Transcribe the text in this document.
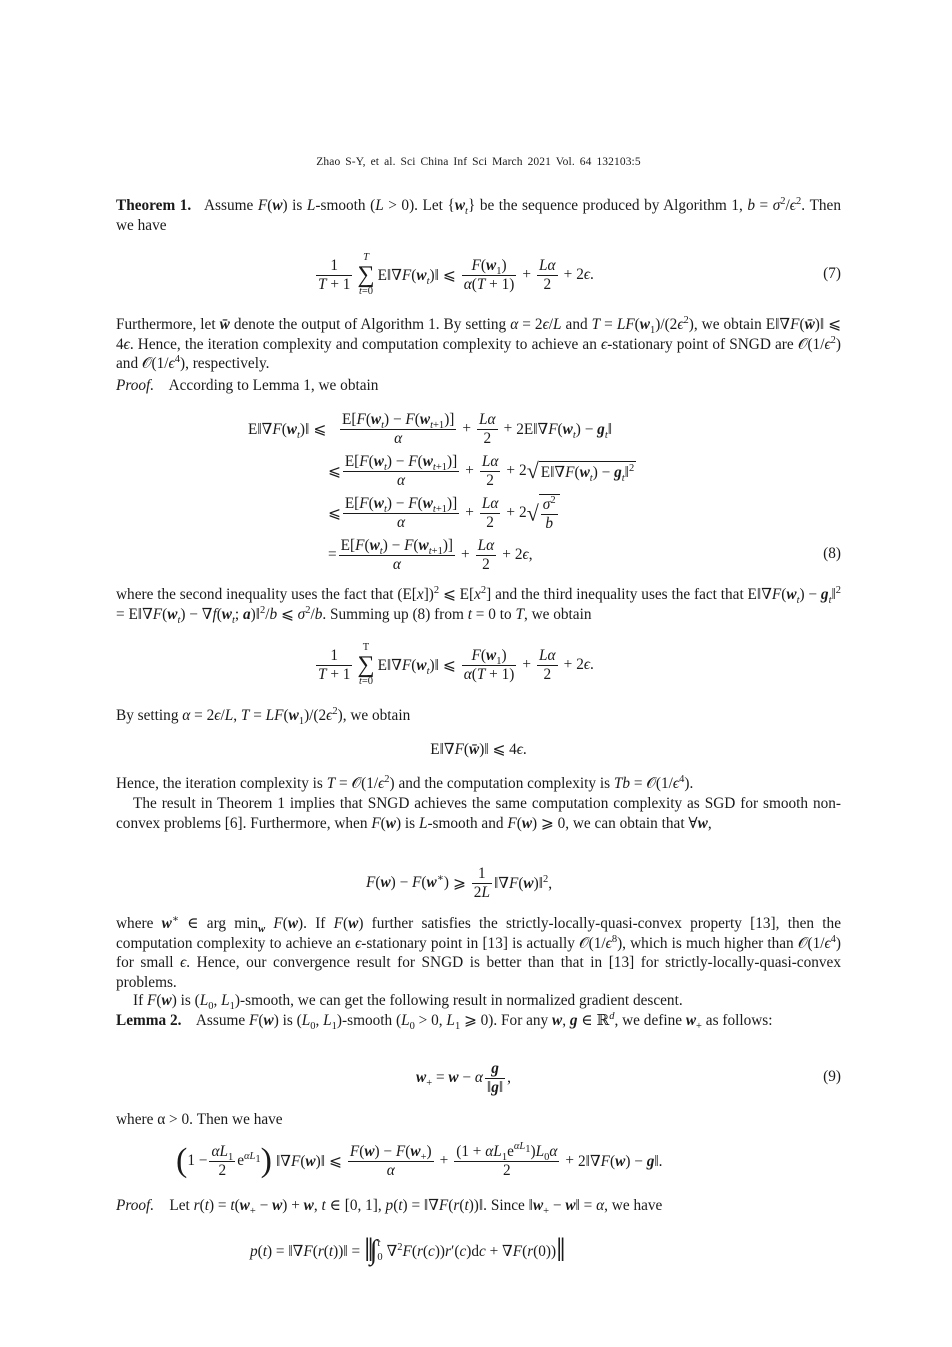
Zhao S-Y, et al. Sci China Inf Sci March 2021 Vol. 64 132103:5
Theorem 1. Assume F(w) is L-smooth (L > 0). Let $\{w_t\}$ be the sequence produced by Algorithm 1, $b = \sigma^2/\epsilon^2$. Then we have
$\frac{1}{T + 1}$	T
∑
t=0
$E‖\nabla F(w_t)‖$ ⩽ $\frac{F(w_1)}{\alpha(T + 1)} + \frac{L\alpha}{2} + 2\epsilon$.	(7)
Furthermore, let w̄ denote the output of Algorithm 1. By setting α = 2ϵ/L and $T = LF(w_1)/(2\epsilon^2)$, we obtain E‖∇F(w̄)‖ ⩽ 4ϵ. Hence, the iteration complexity and computation complexity to achieve an ϵ-stationary point of SNGD are $𝒪(1/\epsilon^2)$ and $𝒪(1/\epsilon^4)$, respectively.
Proof. According to Lemma 1, we obtain
$E‖\nabla F(w_t)‖$ ⩽ $\frac{E[F(w_t) - F(w_{t+1})]}{\alpha} + \frac{L\alpha}{2}$ + $2E‖\nabla F(w_t)$ − $g_t‖$
⩽ $\frac{E[F(w_t) - F(w_{t+1})]}{\alpha} + \frac{L\alpha}{2} + 2$ √ $E‖\nabla F(w_t)$ − $g_t‖^2$
⩽ $\frac{E[F(w_t) - F(w_{t+1})]}{\alpha} + \frac{L\alpha}{2} + 2$ √ $\frac{\sigma^2}{b}$
= $\frac{E[F(w_t) - F(w_{t+1})]}{\alpha} + \frac{L\alpha}{2} + 2\epsilon$,	(8)
where the second inequality uses the fact that $(E[x])^2$ ⩽ $E[x^2]$ and the third inequality uses the fact that $E‖\nabla F(w_t)$ − $g_t‖^2$ = $E‖\nabla F(w_t) - \nabla f(w_t$; a)‖$^2$/b ⩽ $\sigma^2/b$. Summing up (8) from t = 0 to T, we obtain
$\frac{1}{T + 1}$ T
∑
t=0
$E‖\nabla F(w_t)‖$ ⩽ $\frac{F(w_1)}{\alpha(T + 1)} + \frac{L\alpha}{2} + 2\epsilon$.
By setting α = 2ϵ/L, $T = LF(w_1)/(2\epsilon^2)$, we obtain
E‖∇F(w̄)‖ ⩽ 4ϵ.
Hence, the iteration complexity is $T = 𝒪(1/\epsilon^2)$ and the computation complexity is $Tb = 𝒪(1/\epsilon^4)$.
The result in Theorem 1 implies that SNGD achieves the same computation complexity as SGD for smooth non-convex problems [6]. Furthermore, when F(w) is L-smooth and F(w) ⩾ 0, we can obtain that ∀w,
F(w) − F(w∗) ⩾ $\frac{1}{2L}$ ‖∇F(w)‖$^2$,
where w∗ ∈ arg $\min_w F(w)$. If F(w) further satisfies the strictly-locally-quasi-convex property [13], then the computation complexity to achieve an ϵ-stationary point in [13] is actually $𝒪(1/\epsilon^8)$, which is much higher than $𝒪(1/\epsilon^4)$ for small ϵ. Hence, our convergence result for SNGD is better than that in [13] for strictly-locally-quasi-convex problems.
If F(w) is ($L_0$, $L_1$)-smooth, we can get the following result in normalized gradient descent.
Lemma 2.    Assume F(w) is ($L_0$, $L_1$)-smooth ($L_0 > 0$, $L_1$ ⩾ 0). For any w, g ∈ ℝ$^d$, we define $w_+$ as follows:
$w_+ = w - \alpha \frac{g}{‖g‖}$ ,	(9)
where α > 0. Then we have
( $1 - \frac{\alpha L_1}{2} e^{\alpha L_1}$ ) ‖∇F(w)‖ ⩽ $\frac{F(w) - F(w_+)}{\alpha} + \frac{(1 + \alpha L_1e^{\alpha L_1})L_0\alpha}{2}$ + 2‖∇F(w) − g‖.
Proof.    Let $r(t) = t(w_+ - w) + w$, t ∈ [0, 1], p(t) = ‖∇F(r(t))‖. Since $‖w_+$ − w‖ = α, we have
p(t) = ‖∇F(r(t))‖ = ‖ ∫ t
0 ∇$^2$F(r(c))r′(c)dc + ∇F(r(0)) ‖
